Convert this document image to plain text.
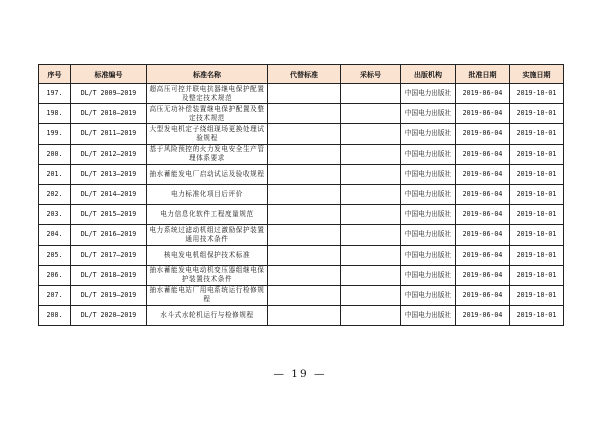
序号	标准编号	标准名称	代替标准	采标号	出版机构	批准日期	实施日期
197.	DL/T 2009—2019	超高压可控并联电抗器继电保护配置及整定技术规范			中国电力出版社	2019-06-04	2019-10-01
198.	DL/T 2010—2019	高压无功补偿装置继电保护配置及整定技术规范			中国电力出版社	2019-06-04	2019-10-01
199.	DL/T 2011—2019	大型发电机定子绕组现场更换处理试验规程			中国电力出版社	2019-06-04	2019-10-01
200.	DL/T 2012—2019	基于风险预控的火力发电安全生产管理体系要求			中国电力出版社	2019-06-04	2019-10-01
201.	DL/T 2013—2019	抽水蓄能发电厂启动试运及验收规程			中国电力出版社	2019-06-04	2019-10-01
202.	DL/T 2014—2019	电力标准化项目后评价			中国电力出版社	2019-06-04	2019-10-01
203.	DL/T 2015—2019	电力信息化软件工程度量规范			中国电力出版社	2019-06-04	2019-10-01
204.	DL/T 2016—2019	电力系统过滤动机组过激励保护装置通用技术条件			中国电力出版社	2019-06-04	2019-10-01
205.	DL/T 2017—2019	核电发电机组保护技术标准			中国电力出版社	2019-06-04	2019-10-01
206.	DL/T 2018—2019	抽水蓄能发电电动机变压器组继电保护装置技术条件			中国电力出版社	2019-06-04	2019-10-01
207.	DL/T 2019—2019	抽水蓄能电站厂用电系统运行检修规程			中国电力出版社	2019-06-04	2019-10-01
208.	DL/T 2020—2019	水斗式水轮机运行与检修规程			中国电力出版社	2019-06-04	2019-10-01
— 19 —
